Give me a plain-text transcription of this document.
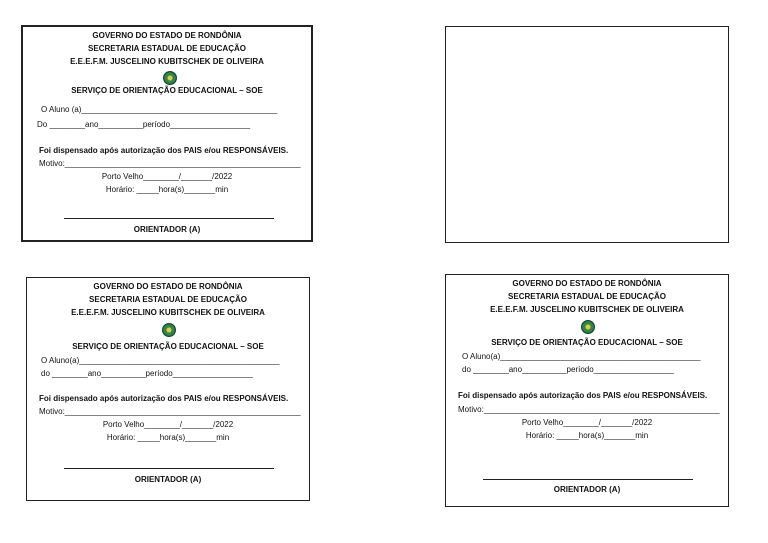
GOVERNO DO ESTADO DE RONDÔNIA
SECRETARIA ESTADUAL DE EDUCAÇÃO
E.E.E.F.M. JUSCELINO KUBITSCHEK DE OLIVEIRA
SERVIÇO DE ORIENTAÇÃO EDUCACIONAL – SOE
O Aluno (a)____________________________________________
Do ________ano__________período__________________
Foi dispensado após autorização dos PAIS e/ou RESPONSÁVEIS.
Motivo:_____________________________________________________
Porto Velho________/_______/2022
Horário: _____hora(s)_______min
ORIENTADOR (A)
GOVERNO DO ESTADO DE RONDÔNIA
SECRETARIA ESTADUAL DE EDUCAÇÃO
E.E.E.F.M. JUSCELINO KUBITSCHEK DE OLIVEIRA
SERVIÇO DE ORIENTAÇÃO EDUCACIONAL – SOE
O Aluno(a)_____________________________________________
do ________ano__________período__________________
Foi dispensado após autorização dos PAIS e/ou RESPONSÁVEIS.
Motivo:_____________________________________________________
Porto Velho________/_______/2022
Horário: _____hora(s)_______min
ORIENTADOR (A)
GOVERNO DO ESTADO DE RONDÔNIA
SECRETARIA ESTADUAL DE EDUCAÇÃO
E.E.E.F.M. JUSCELINO KUBITSCHEK DE OLIVEIRA
SERVIÇO DE ORIENTAÇÃO EDUCACIONAL – SOE
O Aluno(a)_____________________________________________
do ________ano__________período__________________
Foi dispensado após autorização dos PAIS e/ou RESPONSÁVEIS.
Motivo:_____________________________________________________
Porto Velho________/_______/2022
Horário: _____hora(s)_______min
ORIENTADOR (A)
